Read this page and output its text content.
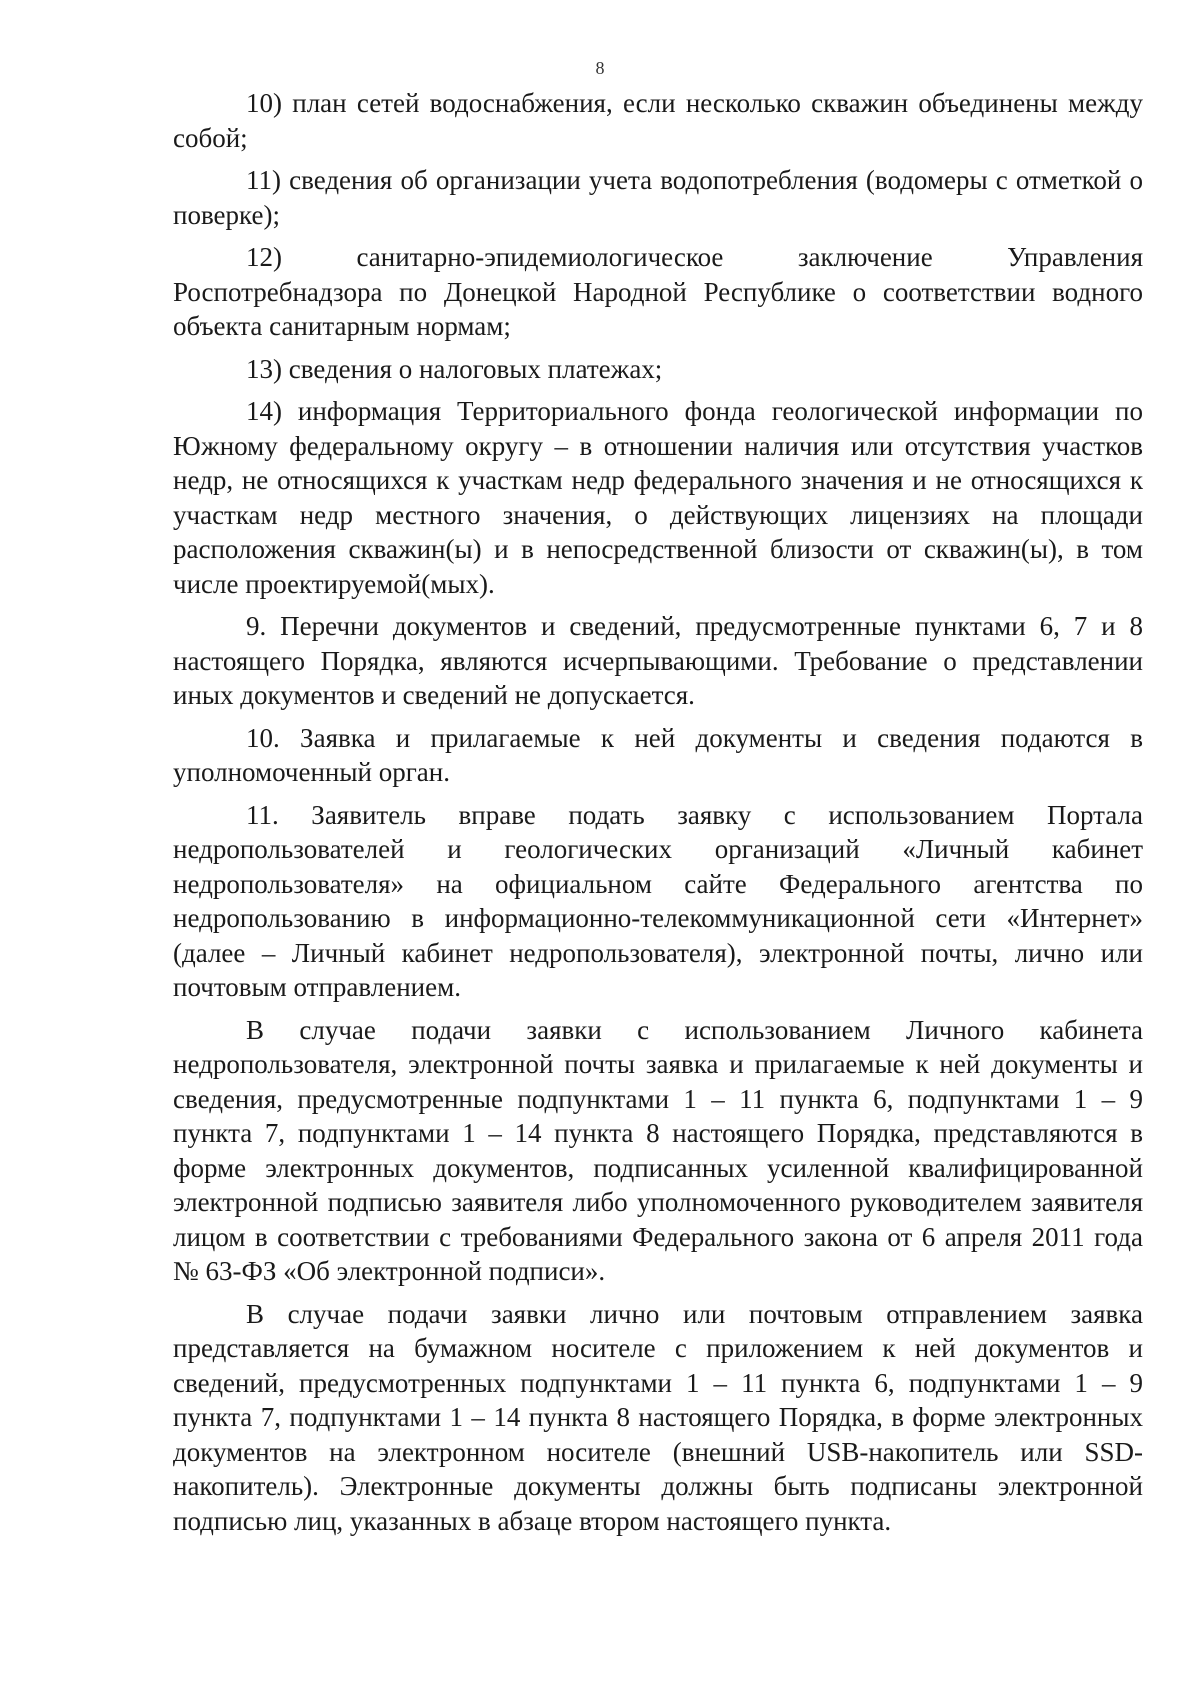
8

10) план сетей водоснабжения, если несколько скважин объединены между собой;

11) сведения об организации учета водопотребления (водомеры с отметкой о поверке);

12) санитарно-эпидемиологическое заключение Управления Роспотребнадзора по Донецкой Народной Республике о соответствии водного объекта санитарным нормам;

13) сведения о налоговых платежах;

14) информация Территориального фонда геологической информации по Южному федеральному округу – в отношении наличия или отсутствия участков недр, не относящихся к участкам недр федерального значения и не относящихся к участкам недр местного значения, о действующих лицензиях на площади расположения скважин(ы) и в непосредственной близости от скважин(ы), в том числе проектируемой(мых).

9. Перечни документов и сведений, предусмотренные пунктами 6, 7 и 8 настоящего Порядка, являются исчерпывающими. Требование о представлении иных документов и сведений не допускается.

10. Заявка и прилагаемые к ней документы и сведения подаются в уполномоченный орган.

11. Заявитель вправе подать заявку с использованием Портала недропользователей и геологических организаций «Личный кабинет недропользователя» на официальном сайте Федерального агентства по недропользованию в информационно-телекоммуникационной сети «Интернет» (далее – Личный кабинет недропользователя), электронной почты, лично или почтовым отправлением.

В случае подачи заявки с использованием Личного кабинета недропользователя, электронной почты заявка и прилагаемые к ней документы и сведения, предусмотренные подпунктами 1 – 11 пункта 6, подпунктами 1 – 9 пункта 7, подпунктами 1 – 14 пункта 8 настоящего Порядка, представляются в форме электронных документов, подписанных усиленной квалифицированной электронной подписью заявителя либо уполномоченного руководителем заявителя лицом в соответствии с требованиями Федерального закона от 6 апреля 2011 года № 63-ФЗ «Об электронной подписи».

В случае подачи заявки лично или почтовым отправлением заявка представляется на бумажном носителе с приложением к ней документов и сведений, предусмотренных подпунктами 1 – 11 пункта 6, подпунктами 1 – 9 пункта 7, подпунктами 1 – 14 пункта 8 настоящего Порядка, в форме электронных документов на электронном носителе (внешний USB-накопитель или SSD-накопитель). Электронные документы должны быть подписаны электронной подписью лиц, указанных в абзаце втором настоящего пункта.
